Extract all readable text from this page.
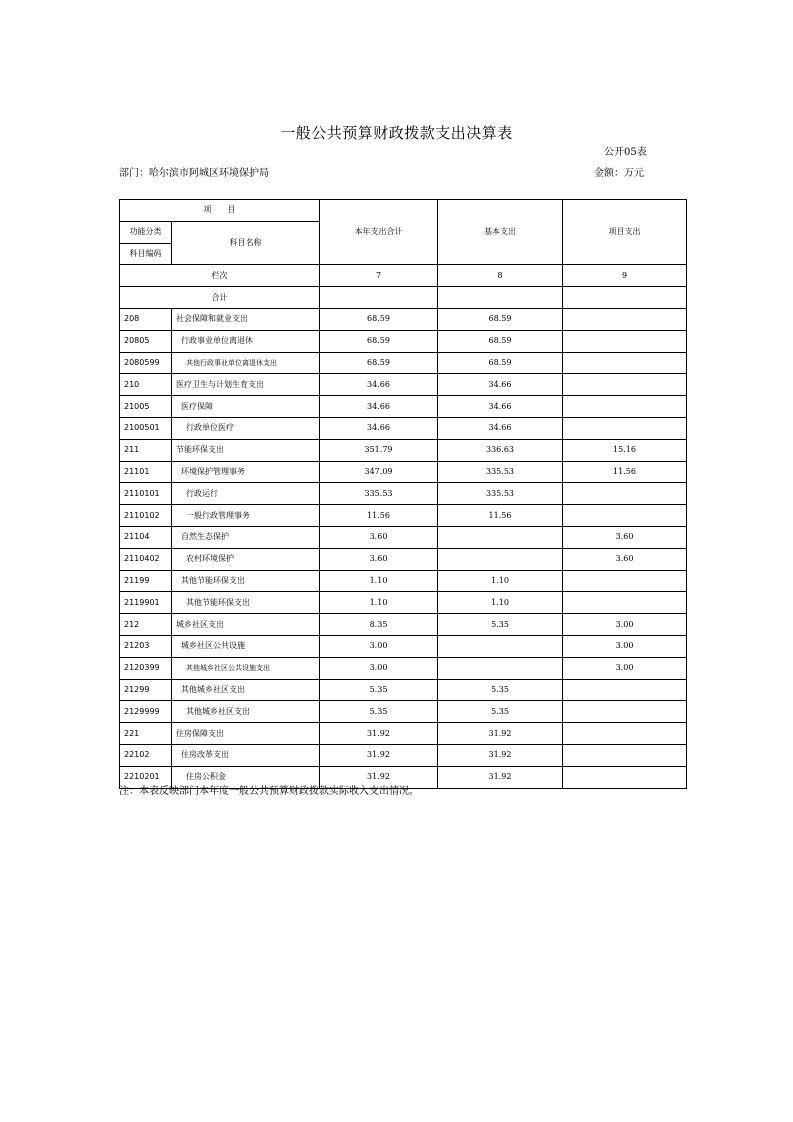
一般公共预算财政拨款支出决算表
公开05表
部门：哈尔滨市阿城区环境保护局	金额：万元
项　　目		本年支出合计	基本支出	项目支出
功能分类	科目名称			
科目编码				
栏次		7	8	9
合计				
208	社会保障和就业支出	68.59	68.59	
20805	行政事业单位离退休	68.59	68.59	
2080599	其他行政事业单位离退休支出	68.59	68.59	
210	医疗卫生与计划生育支出	34.66	34.66	
21005	医疗保障	34.66	34.66	
2100501	行政单位医疗	34.66	34.66	
211	节能环保支出	351.79	336.63	15.16
21101	环境保护管理事务	347.09	335.53	11.56
2110101	行政运行	335.53	335.53	
2110102	一般行政管理事务	11.56	11.56	
21104	自然生态保护	3.60		3.60
2110402	农村环境保护	3.60		3.60
21199	其他节能环保支出	1.10	1.10	
2119901	其他节能环保支出	1.10	1.10	
212	城乡社区支出	8.35	5.35	3.00
21203	城乡社区公共设施	3.00		3.00
2120399	其他城乡社区公共设施支出	3.00		3.00
21299	其他城乡社区支出	5.35	5.35	
2129999	其他城乡社区支出	5.35	5.35	
221	住房保障支出	31.92	31.92	
22102	住房改革支出	31.92	31.92	
2210201	住房公积金	31.92	31.92	
注：本表反映部门本年度一般公共预算财政拨款实际收入支出情况。
